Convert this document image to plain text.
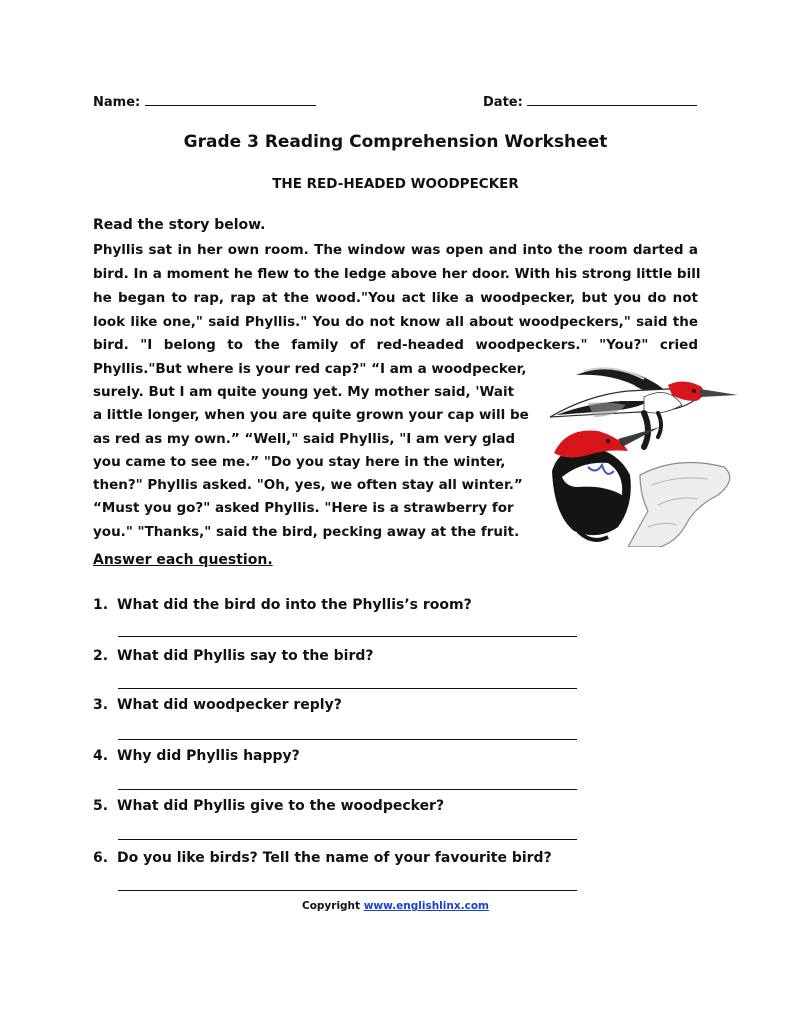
Name:	Date:
Grade 3 Reading Comprehension Worksheet
THE RED-HEADED WOODPECKER
Read the story below.
Phyllis sat in her own room. The window was open and into the room darted a
bird. In a moment he flew to the ledge above her door. With his strong little bill
he began to rap, rap at the wood."You act like a woodpecker, but you do not
look like one," said Phyllis." You do not know all about woodpeckers," said the
bird. "I belong to the family of red-headed woodpeckers." "You?" cried
Phyllis."But where is your red cap?" “I am a woodpecker,
surely. But I am quite young yet. My mother said, 'Wait
a little longer, when you are quite grown your cap will be
as red as my own.” “Well," said Phyllis, "I am very glad
you came to see me.” "Do you stay here in the winter,
then?" Phyllis asked. "Oh, yes, we often stay all winter.”
“Must you go?" asked Phyllis. "Here is a strawberry for
you." "Thanks," said the bird, pecking away at the fruit.
Answer each question.
1. What did the bird do into the Phyllis’s room?
2. What did Phyllis say to the bird?
3. What did woodpecker reply?
4. Why did Phyllis happy?
5. What did Phyllis give to the woodpecker?
6. Do you like birds? Tell the name of your favourite bird?
Copyright www.englishlinx.com
